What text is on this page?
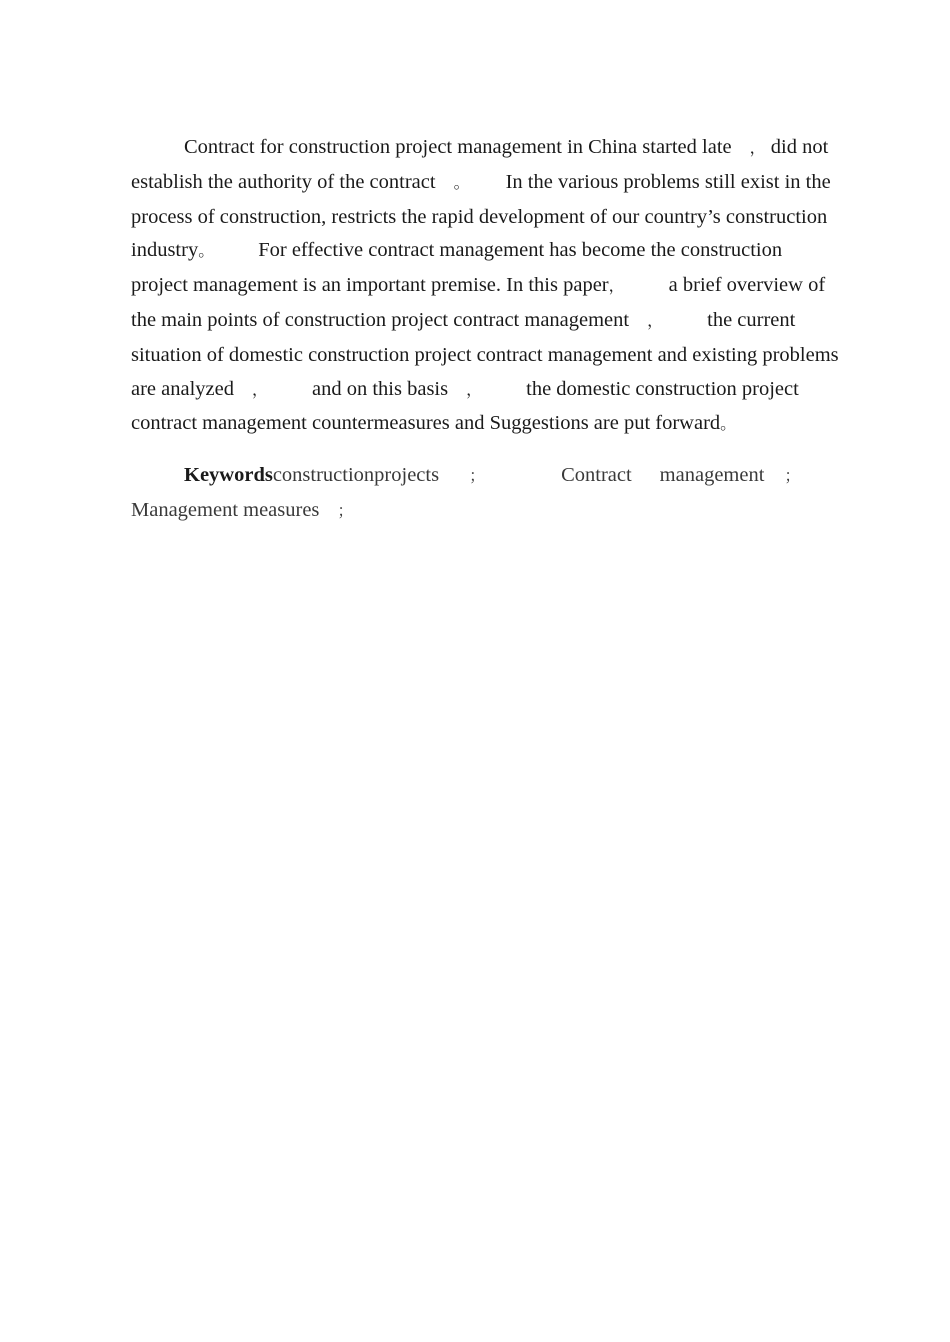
Contract for construction project management in China started late ， did not establish the authority of the contract 。 In the various problems still exist in the process of construction, restricts the rapid development of our country’s construction industry。 For effective contract management has become the construction project management is an important premise. In this paper， a brief overview of the main points of construction project contract management ， the current situation of domestic construction project contract management and existing problems are analyzed ， and on this basis ， the domestic construction project contract management countermeasures and Suggestions are put forward。

Keywordsconstructionprojects ；	Contract management ； Management measures ；
